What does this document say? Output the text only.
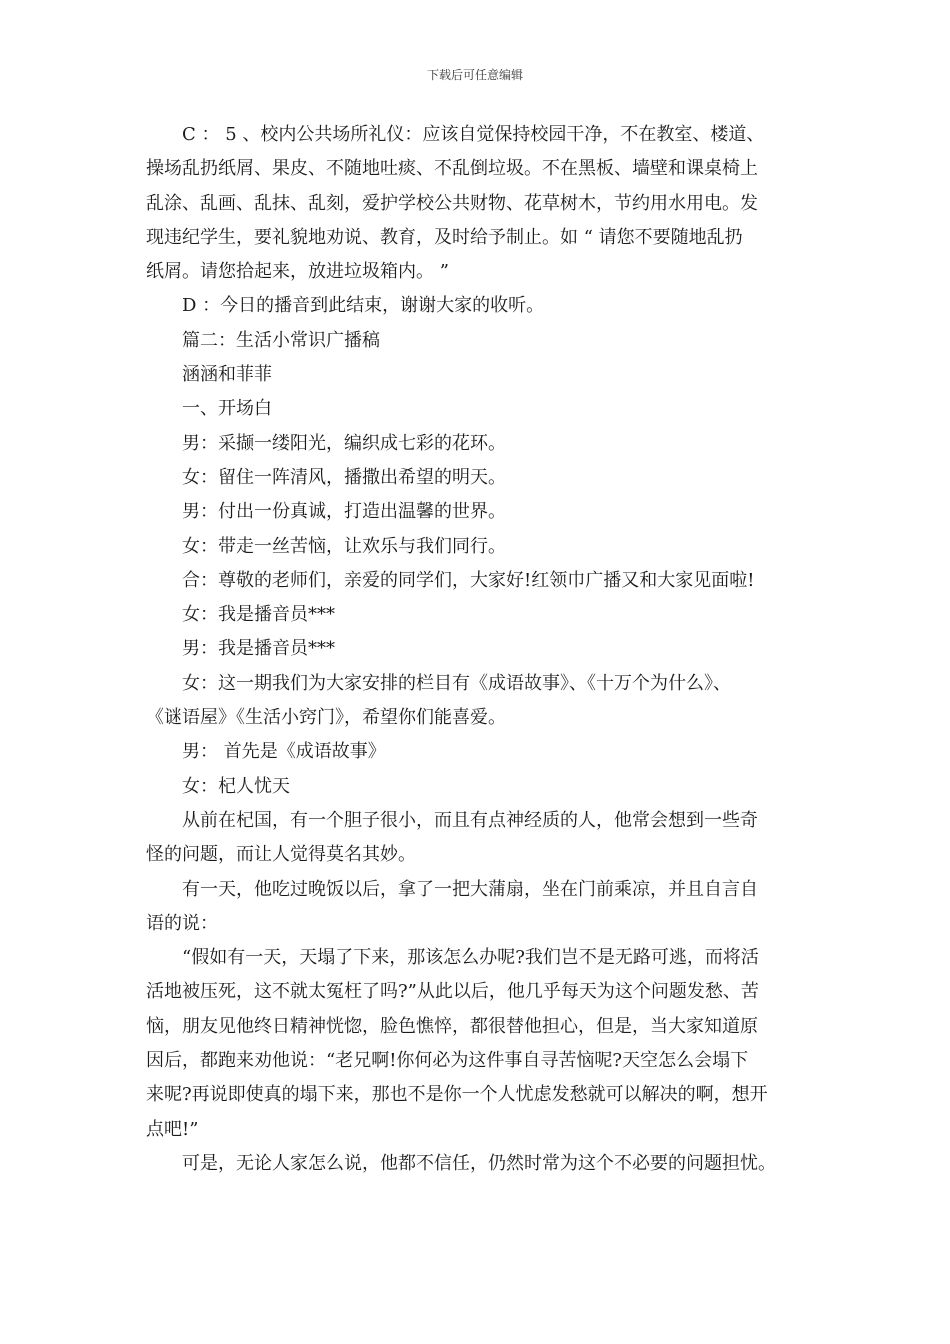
下载后可任意编辑
C ： 5 、校内公共场所礼仪：应该自觉保持校园干净，不在教室、楼道、
操场乱扔纸屑、果皮、不随地吐痰、不乱倒垃圾。不在黑板、墙壁和课桌椅上
乱涂、乱画、乱抹、乱刻，爱护学校公共财物、花草树木，节约用水用电。发
现违纪学生，要礼貌地劝说、教育，及时给予制止。如 “ 请您不要随地乱扔
纸屑。请您拾起来，放进垃圾箱内。 ”
D ：今日的播音到此结束，谢谢大家的收听。
篇二：生活小常识广播稿
涵涵和菲菲
一、开场白
男：采撷一缕阳光，编织成七彩的花环。
女：留住一阵清风，播撒出希望的明天。
男：付出一份真诚，打造出温馨的世界。
女：带走一丝苦恼，让欢乐与我们同行。
合：尊敬的老师们，亲爱的同学们，大家好!红领巾广播又和大家见面啦!
女：我是播音员***
男：我是播音员***
女：这一期我们为大家安排的栏目有《成语故事》、《十万个为什么》、
《谜语屋》《生活小窍门》，希望你们能喜爱。
男： 首先是《成语故事》
女：杞人忧天
从前在杞国，有一个胆子很小，而且有点神经质的人，他常会想到一些奇
怪的问题，而让人觉得莫名其妙。
有一天，他吃过晚饭以后，拿了一把大蒲扇，坐在门前乘凉，并且自言自
语的说：
“假如有一天，天塌了下来，那该怎么办呢?我们岂不是无路可逃，而将活
活地被压死，这不就太冤枉了吗?”从此以后，他几乎每天为这个问题发愁、苦
恼，朋友见他终日精神恍惚，脸色憔悴，都很替他担心，但是，当大家知道原
因后，都跑来劝他说：“老兄啊!你何必为这件事自寻苦恼呢?天空怎么会塌下
来呢?再说即使真的塌下来，那也不是你一个人忧虑发愁就可以解决的啊，想开
点吧!”
可是，无论人家怎么说，他都不信任，仍然时常为这个不必要的问题担忧。
